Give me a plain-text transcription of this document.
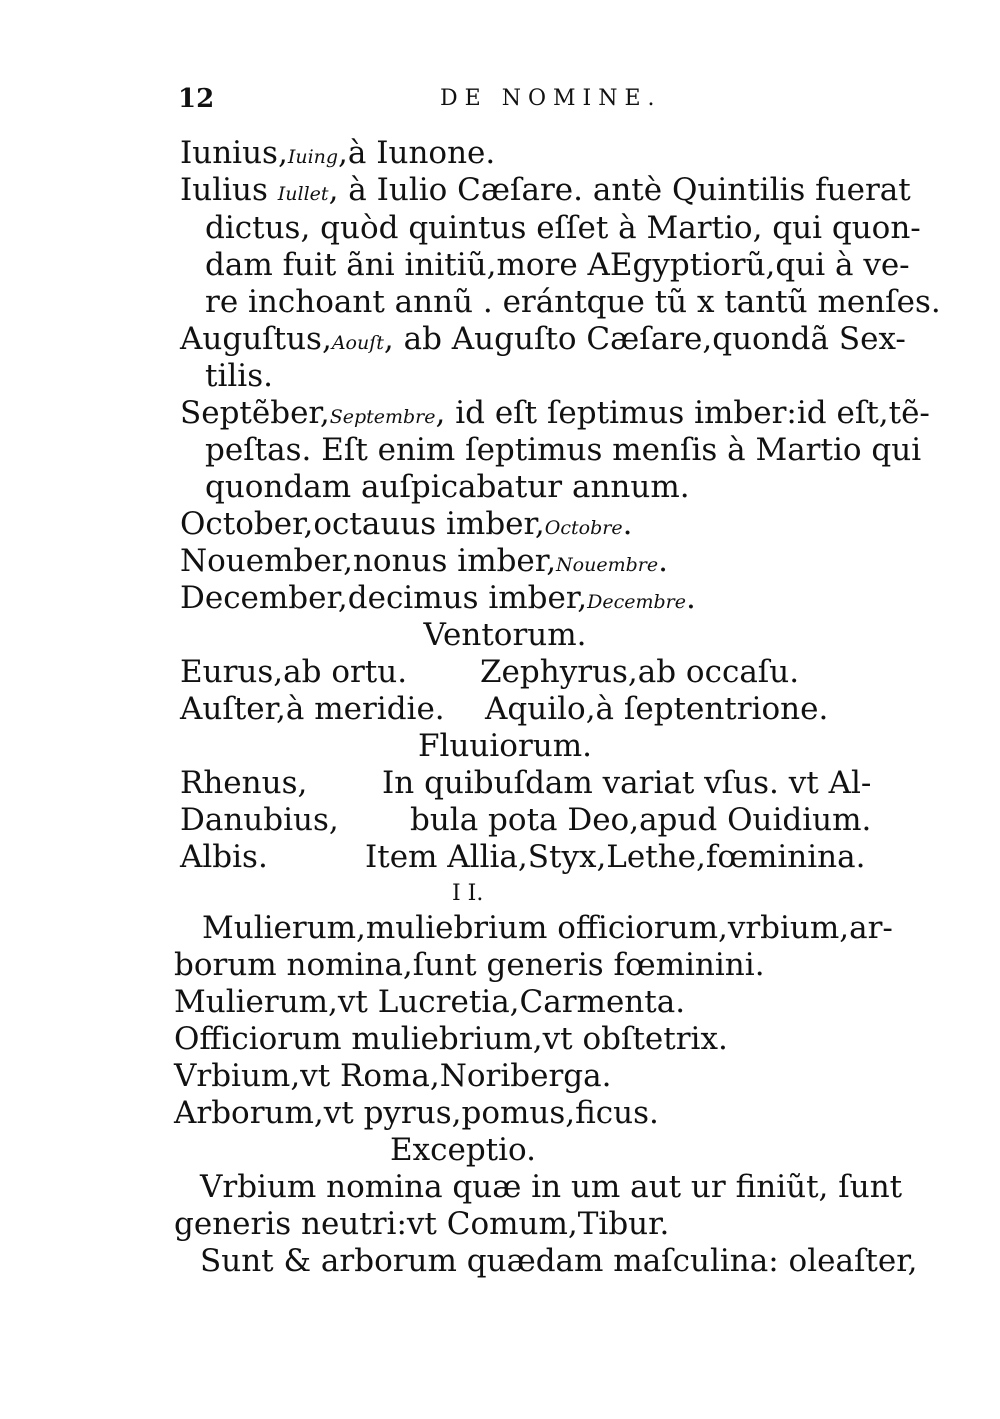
12	DE NOMINE.
Iunius,Iuing,à Iunone.
Iulius Iullet, à Iulio Cæſare. antè Quintilis fuerat
dictus, quòd quintus eſſet à Martio, qui quon-
dam fuit ãni initiũ,more AEgyptiorũ,qui à ve-
re inchoant annũ . erántque tũ x tantũ menſes.
Auguſtus,Aouſt, ab Auguſto Cæſare,quondã Sex-
tilis.
Septẽber,Septembre, id eſt ſeptimus imber:id eſt,tẽ-
peſtas. Eſt enim ſeptimus menſis à Martio qui
quondam auſpicabatur annum.
October,octauus imber,Octobre.
Nouember,nonus imber,Nouembre.
December,decimus imber,Decembre.
Ventorum.
Eurus,ab ortu. Zephyrus,ab occaſu.
Auſter,à meridie. Aquilo,à ſeptentrione.
Fluuiorum.
Rhenus, In quibuſdam variat vſus. vt Al-
Danubius, bula pota Deo,apud Ouidium.
Albis.	Item Allia,Styx,Lethe,fœminina.
I I.
Mulierum,muliebrium officiorum,vrbium,ar-
borum nomina,ſunt generis fœminini.
Mulierum,vt Lucretia,Carmenta.
Officiorum muliebrium,vt obſtetrix.
Vrbium,vt Roma,Noriberga.
Arborum,vt pyrus,pomus,ficus.
Exceptio.
Vrbium nomina quæ in um aut ur finiũt, ſunt
generis neutri:vt Comum,Tibur.
Sunt & arborum quædam maſculina: oleaſter,
